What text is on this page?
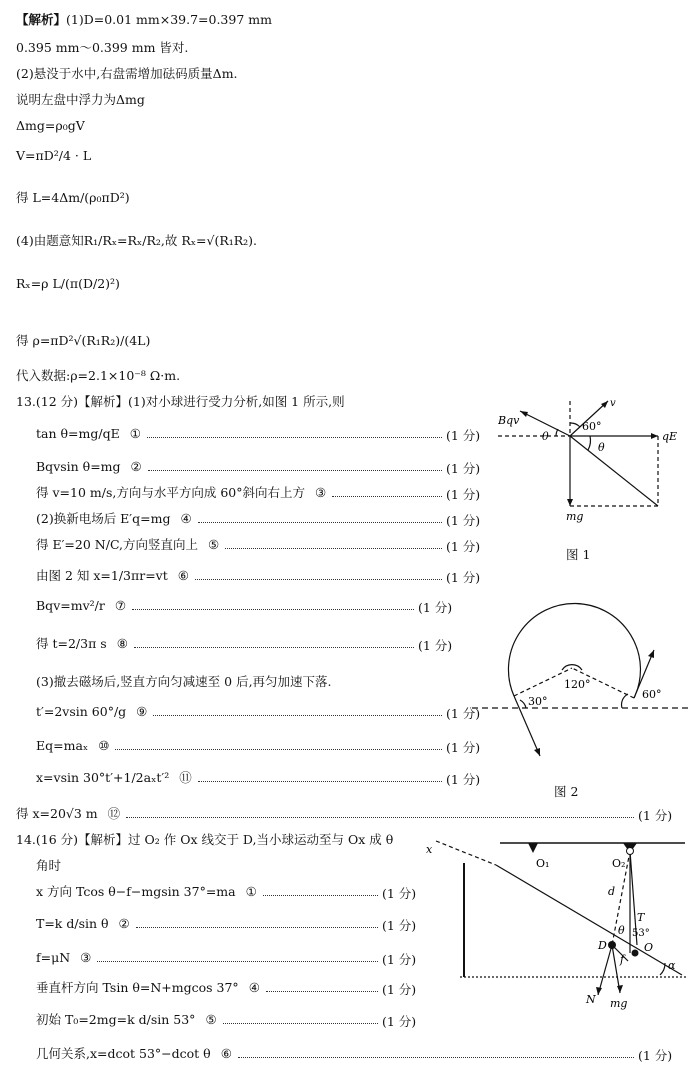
【解析】(1)D=0.01 mm×39.7=0.397 mm
0.395 mm～0.399 mm 皆对.
(2)悬没于水中,右盘需增加砝码质量Δm.
说明左盘中浮力为Δmg
Δmg=ρ₀gV
V=πD²/4 · L
得 L=4Δm/(ρ₀πD²)
(4)由题意知R₁/Rₓ=Rₓ/R₂,故 Rₓ=√(R₁R₂).
Rₓ=ρ L/(π(D/2)²)
得 ρ=πD²√(R₁R₂)/(4L)
代入数据:ρ=2.1×10⁻⁸ Ω·m.
13.(12 分)【解析】(1)对小球进行受力分析,如图 1 所示,则
tan θ=mg/qE ①	(1 分)
Bqvsin θ=mg ②	(1 分)
得 v=10 m/s,方向与水平方向成 60°斜向右上方 ③	(1 分)
(2)换新电场后 E′q=mg ④	(1 分)
得 E′=20 N/C,方向竖直向上 ⑤	(1 分)
由图 2 知 x=1/3πr=vt ⑥	(1 分)
Bqv=mv²/r ⑦	(1 分)
得 t=2/3π s ⑧	(1 分)
t′=2vsin 60°/g ⑨	(1 分)
Eq=maₓ ⑩	(1 分)
x=vsin 30°t′+1/2aₓt′² ⑪	(1 分)
得 x=20√3 m ⑫	(1 分)
(3)撤去磁场后,竖直方向匀减速至 0 后,再匀加速下落.
Bqv
v
60°
θ
θ
qE
mg
图 1
30°
120°
60°
图 2
14.(16 分)【解析】过 O₂ 作 Ox 线交于 D,当小球运动至与 Ox 成 θ
角时
x 方向 Tcos θ−f−mgsin 37°=ma ①	(1 分)
T=k d/sin θ ②	(1 分)
f=μN ③	(1 分)
垂直杆方向 Tsin θ=N+mgcos 37° ④	(1 分)
初始 T₀=2mg=k d/sin 53° ⑤	(1 分)
几何关系,x=dcot 53°−dcot θ ⑥	(1 分)
x
O₁	O₂
d
T
53°
θ
D	O
f	α
N mg
